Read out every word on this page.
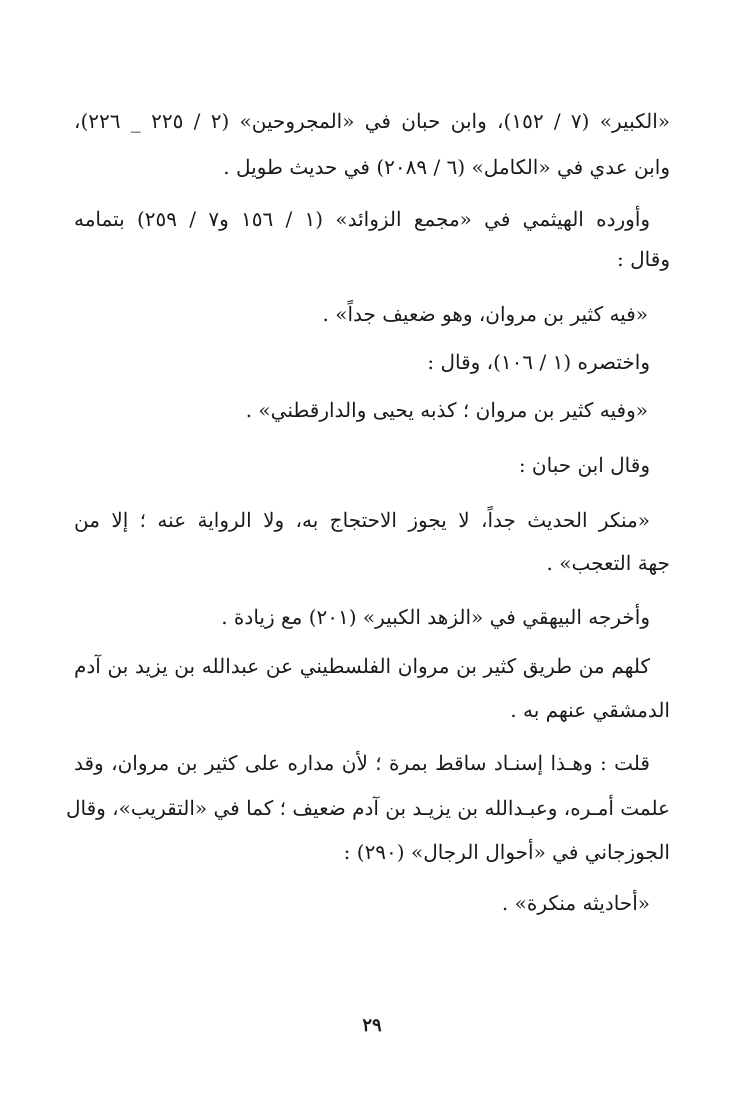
«الكبير» (٧ / ١٥٢)، وابن حبان في «المجروحين» (٢ / ٢٢٥ _ ٢٢٦)،
وابن عدي في «الكامل» (٦ / ٢٠٨٩) في حديث طويل .
وأورده الهيثمي في «مجمع الزوائد» (١ / ١٥٦ و٧ / ٢٥٩) بتمامه
وقال :
«فيه كثير بن مروان، وهو ضعيف جداً» .
واختصره (١ / ١٠٦)، وقال :
«وفيه كثير بن مروان ؛ كذبه يحيى والدارقطني» .
وقال ابن حبان :
«منكر الحديث جداً، لا يجوز الاحتجاج به، ولا الرواية عنه ؛ إلا من
جهة التعجب» .
وأخرجه البيهقي في «الزهد الكبير» (٢٠١) مع زيادة .
كلهم من طريق كثير بن مروان الفلسطيني عن عبدالله بن يزيد بن آدم
الدمشقي عنهم به .
قلت : وهـذا إسنـاد ساقط بمرة ؛ لأن مداره على كثير بن مروان، وقد
علمت أمـره، وعبـدالله بن يزيـد بن آدم ضعيف ؛ كما في «التقريب»، وقال
الجوزجاني في «أحوال الرجال» (٢٩٠) :
«أحاديثه منكرة» .
٢٩
